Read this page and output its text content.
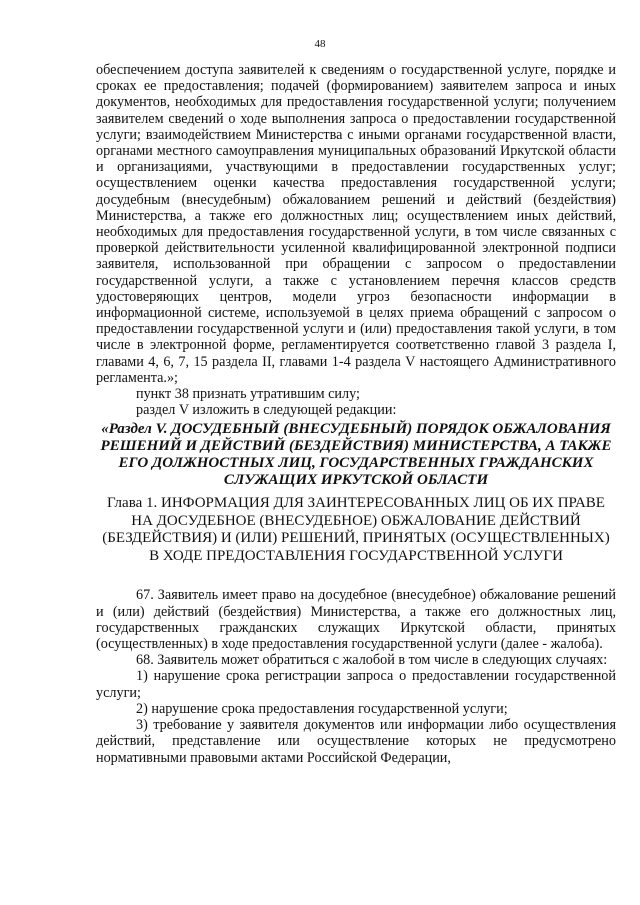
48

обеспечением доступа заявителей к сведениям о государственной услуге, порядке и сроках ее предоставления; подачей (формированием) заявителем запроса и иных документов, необходимых для предоставления государственной услуги; получением заявителем сведений о ходе выполнения запроса о предоставлении государственной услуги; взаимодействием Министерства с иными органами государственной власти, органами местного самоуправления муниципальных образований Иркутской области и организациями, участвующими в предоставлении государственных услуг; осуществлением оценки качества предоставления государственной услуги; досудебным (внесудебным) обжалованием решений и действий (бездействия) Министерства, а также его должностных лиц; осуществлением иных действий, необходимых для предоставления государственной услуги, в том числе связанных с проверкой действительности усиленной квалифицированной электронной подписи заявителя, использованной при обращении с запросом о предоставлении государственной услуги, а также с установлением перечня классов средств удостоверяющих центров, модели угроз безопасности информации в информационной системе, используемой в целях приема обращений с запросом о предоставлении государственной услуги и (или) предоставления такой услуги, в том числе в электронной форме, регламентируется соответственно главой 3 раздела I, главами 4, 6, 7, 15 раздела II, главами 1-4 раздела V настоящего Административного регламента.»;

пункт 38 признать утратившим силу;

раздел V изложить в следующей редакции:

«Раздел V. ДОСУДЕБНЫЙ (ВНЕСУДЕБНЫЙ) ПОРЯДОК ОБЖАЛОВАНИЯ РЕШЕНИЙ И ДЕЙСТВИЙ (БЕЗДЕЙСТВИЯ) МИНИСТЕРСТВА, А ТАКЖЕ ЕГО ДОЛЖНОСТНЫХ ЛИЦ, ГОСУДАРСТВЕННЫХ ГРАЖДАНСКИХ СЛУЖАЩИХ ИРКУТСКОЙ ОБЛАСТИ

Глава 1. ИНФОРМАЦИЯ ДЛЯ ЗАИНТЕРЕСОВАННЫХ ЛИЦ ОБ ИХ ПРАВЕ НА ДОСУДЕБНОЕ (ВНЕСУДЕБНОЕ) ОБЖАЛОВАНИЕ ДЕЙСТВИЙ (БЕЗДЕЙСТВИЯ) И (ИЛИ) РЕШЕНИЙ, ПРИНЯТЫХ (ОСУЩЕСТВЛЕННЫХ) В ХОДЕ ПРЕДОСТАВЛЕНИЯ ГОСУДАРСТВЕННОЙ УСЛУГИ

67. Заявитель имеет право на досудебное (внесудебное) обжалование решений и (или) действий (бездействия) Министерства, а также его должностных лиц, государственных гражданских служащих Иркутской области, принятых (осуществленных) в ходе предоставления государственной услуги (далее - жалоба).

68. Заявитель может обратиться с жалобой в том числе в следующих случаях:

1) нарушение срока регистрации запроса о предоставлении государственной услуги;

2) нарушение срока предоставления государственной услуги;

3) требование у заявителя документов или информации либо осуществления действий, представление или осуществление которых не предусмотрено нормативными правовыми актами Российской Федерации,
